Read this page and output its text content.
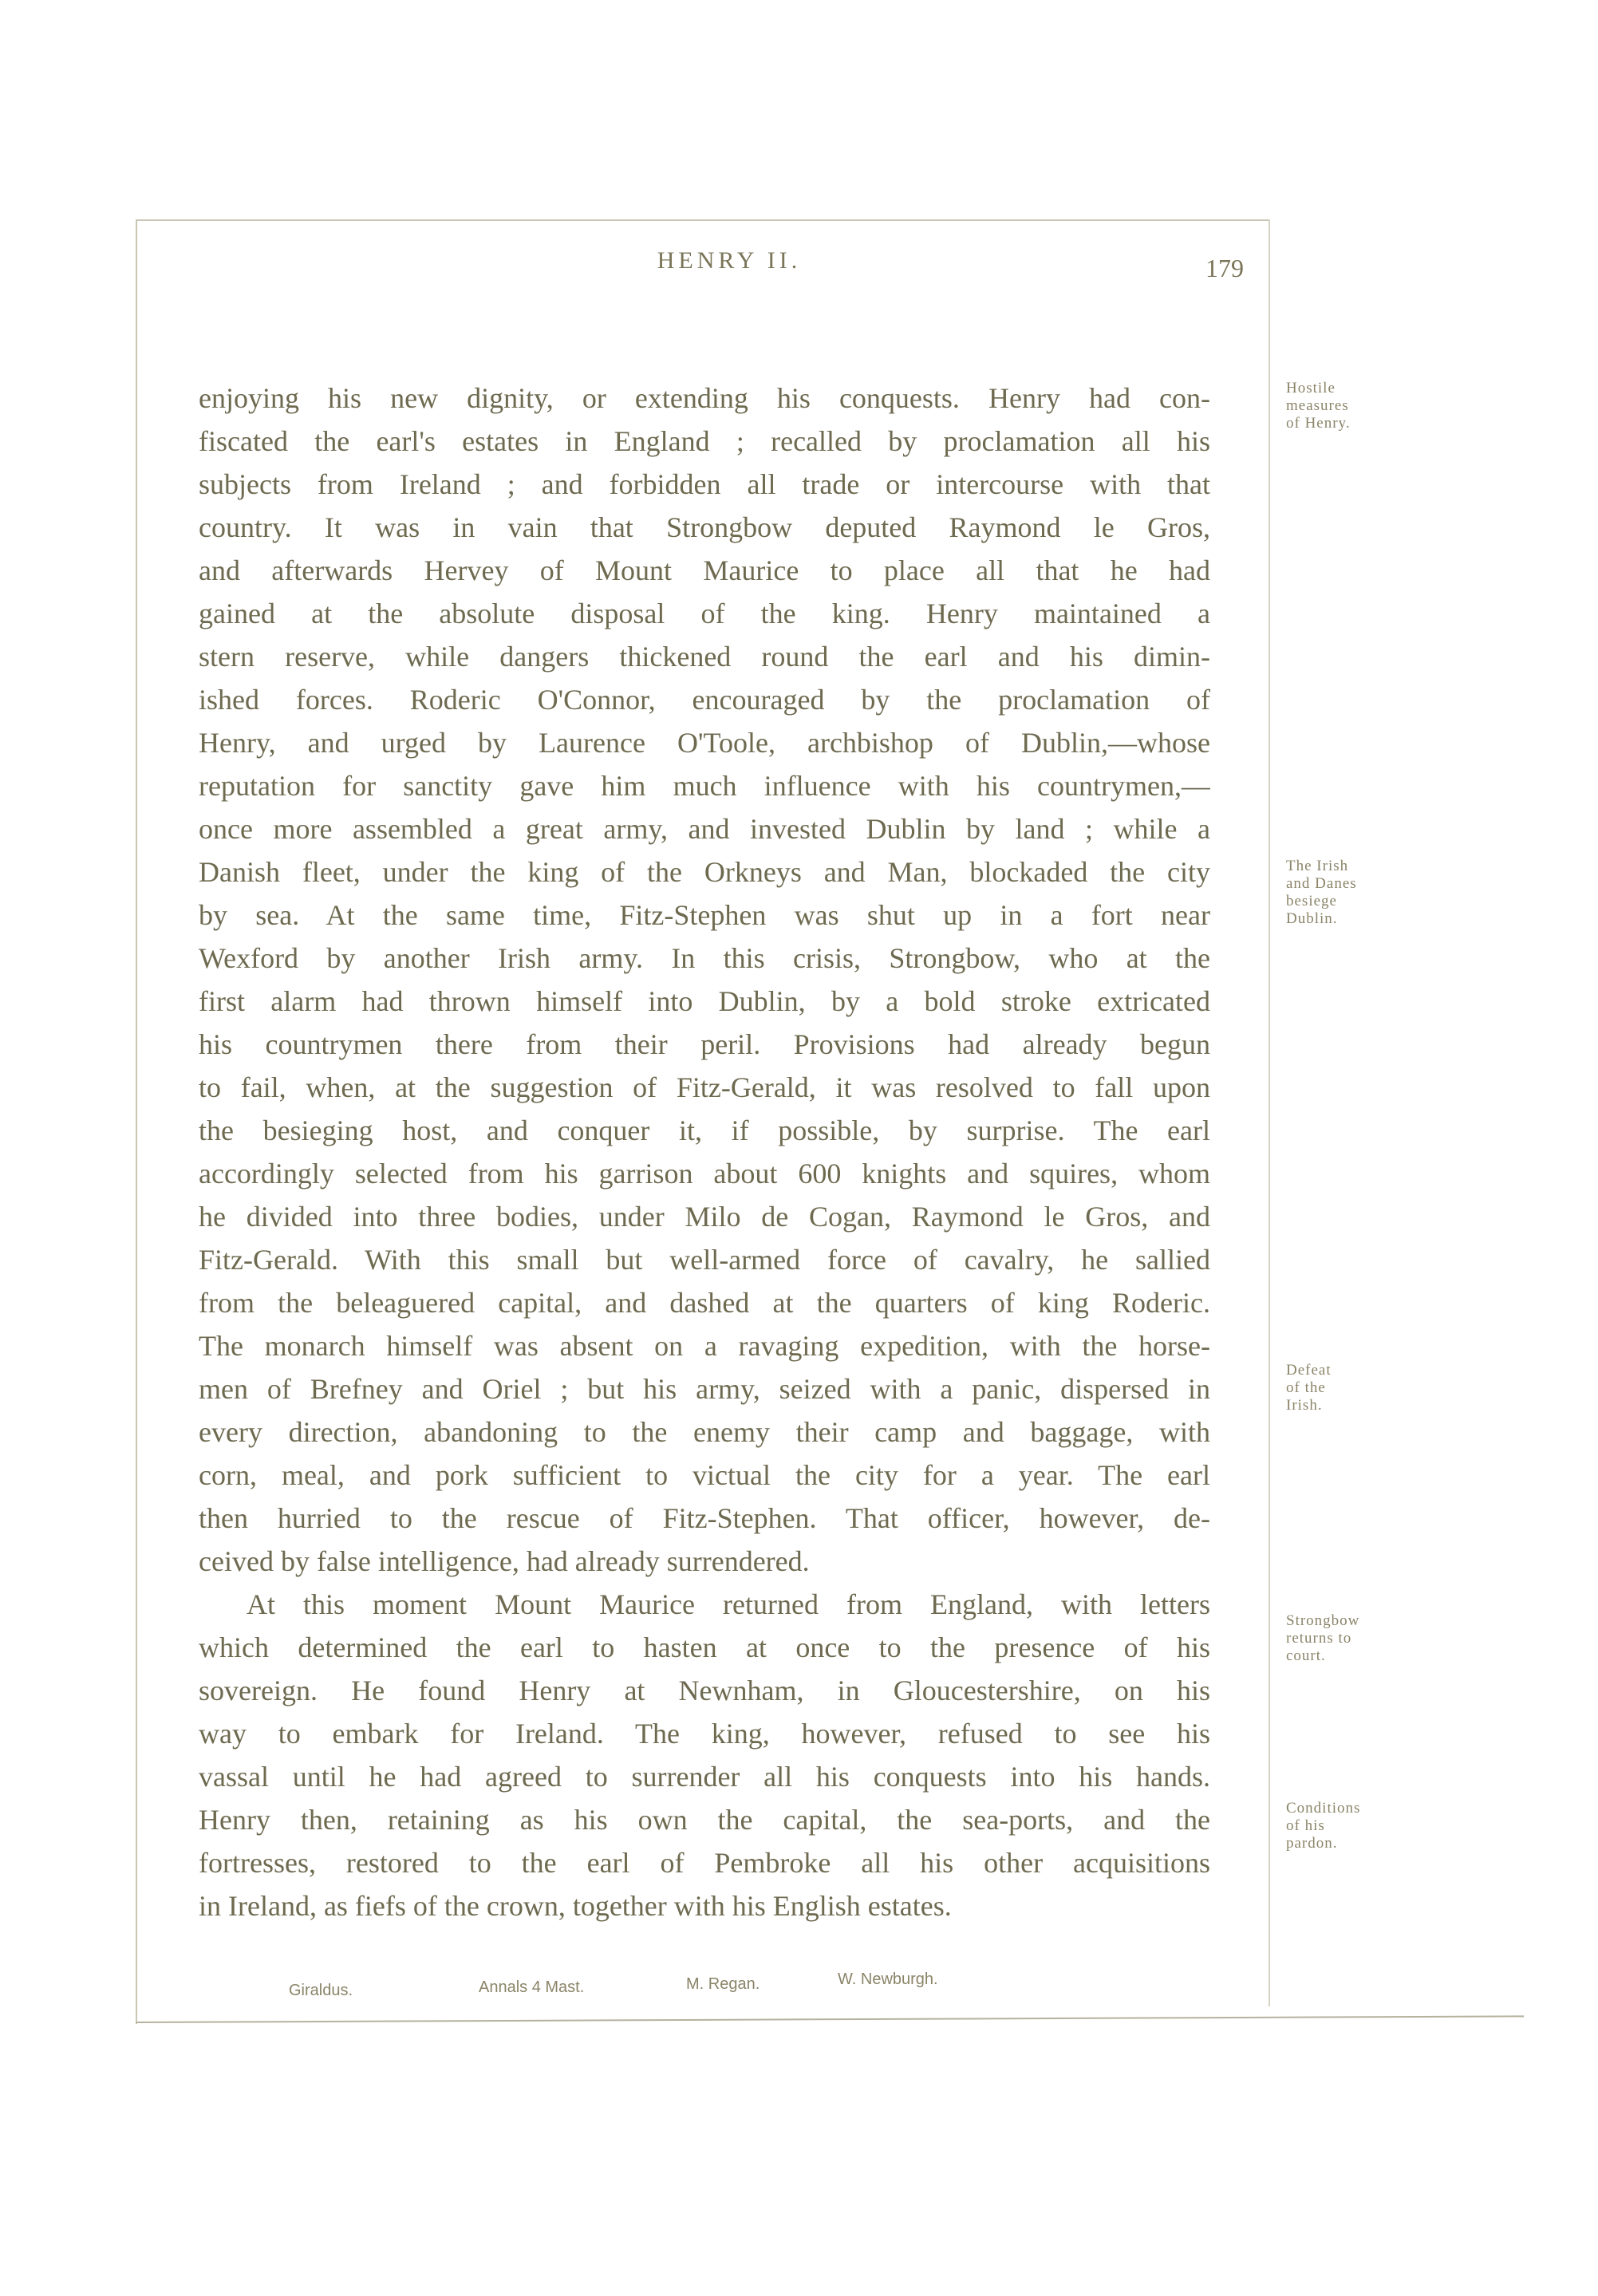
HENRY II.	179
enjoying his new dignity, or extending his conquests. Henry had con-
fiscated the earl's estates in England ; recalled by proclamation all his
subjects from Ireland ; and forbidden all trade or intercourse with that
country. It was in vain that Strongbow deputed Raymond le Gros,
and afterwards Hervey of Mount Maurice to place all that he had
gained at the absolute disposal of the king. Henry maintained a
stern reserve, while dangers thickened round the earl and his dimin-
ished forces. Roderic O'Connor, encouraged by the proclamation of
Henry, and urged by Laurence O'Toole, archbishop of Dublin,—whose
reputation for sanctity gave him much influence with his countrymen,—
once more assembled a great army, and invested Dublin by land ; while a
Danish fleet, under the king of the Orkneys and Man, blockaded the city
by sea. At the same time, Fitz-Stephen was shut up in a fort near
Wexford by another Irish army. In this crisis, Strongbow, who at the
first alarm had thrown himself into Dublin, by a bold stroke extricated
his countrymen there from their peril. Provisions had already begun
to fail, when, at the suggestion of Fitz-Gerald, it was resolved to fall upon
the besieging host, and conquer it, if possible, by surprise. The earl
accordingly selected from his garrison about 600 knights and squires, whom
he divided into three bodies, under Milo de Cogan, Raymond le Gros, and
Fitz-Gerald. With this small but well-armed force of cavalry, he sallied
from the beleaguered capital, and dashed at the quarters of king Roderic.
The monarch himself was absent on a ravaging expedition, with the horse-
men of Brefney and Oriel ; but his army, seized with a panic, dispersed in
every direction, abandoning to the enemy their camp and baggage, with
corn, meal, and pork sufficient to victual the city for a year. The earl
then hurried to the rescue of Fitz-Stephen. That officer, however, de-
ceived by false intelligence, had already surrendered.
At this moment Mount Maurice returned from England, with letters
which determined the earl to hasten at once to the presence of his
sovereign. He found Henry at Newnham, in Gloucestershire, on his
way to embark for Ireland. The king, however, refused to see his
vassal until he had agreed to surrender all his conquests into his hands.
Henry then, retaining as his own the capital, the sea-ports, and the
fortresses, restored to the earl of Pembroke all his other acquisitions
in Ireland, as fiefs of the crown, together with his English estates.
Hostile
measures
of Henry.
The Irish
and Danes
besiege
Dublin.
Defeat
of the
Irish.
Strongbow
returns to
court.
Conditions
of his
pardon.
Giraldus.	Annals 4 Mast.	M. Regan.	W. Newburgh.
